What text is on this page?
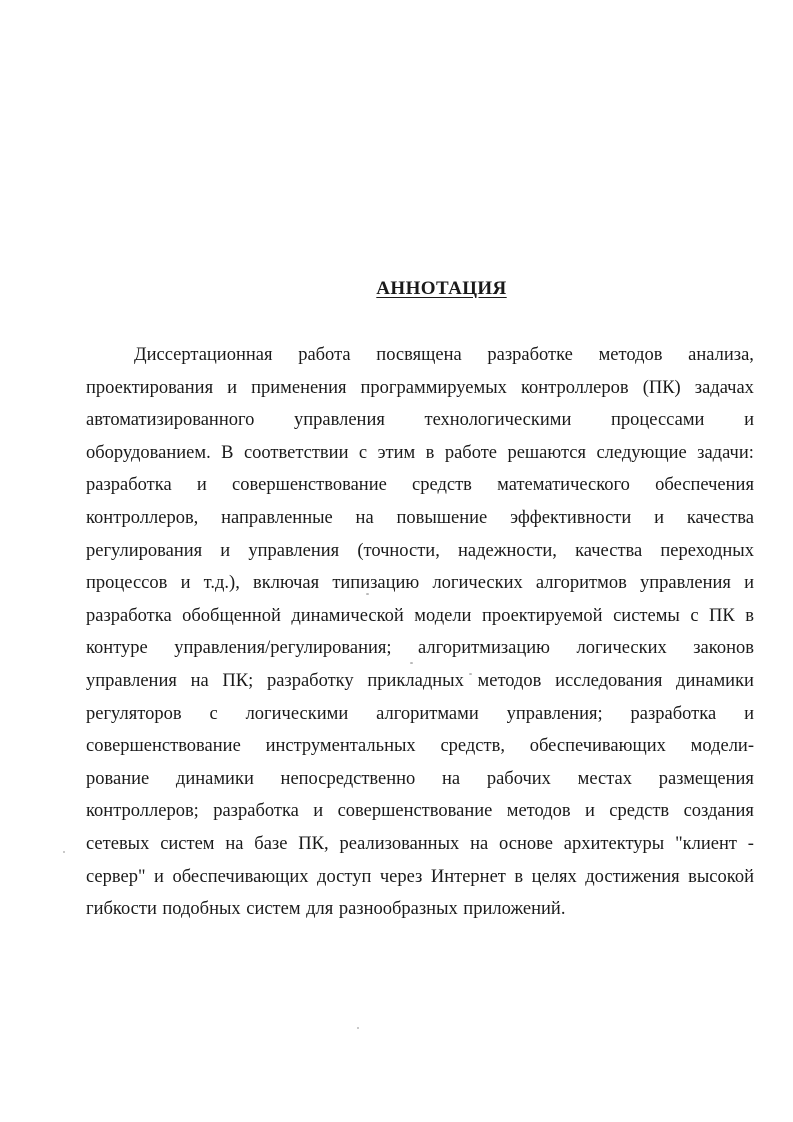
АННОТАЦИЯ
Диссертационная работа посвящена разработке методов анализа,
проектирования и применения программируемых контроллеров (ПК) задачах
автоматизированного управления технологическими процессами и
оборудованием. В соответствии с этим в работе решаются следующие задачи:
разработка и совершенствование средств математического обеспечения
контроллеров, направленные на повышение эффективности и качества
регулирования и управления (точности, надежности, качества переходных
процессов и т.д.), включая типизацию логических алгоритмов управления и
разработка обобщенной динамической модели проектируемой системы с ПК в
контуре управления/регулирования; алгоритмизацию логических законов
управления на ПК; разработку прикладных методов исследования динамики
регуляторов с логическими алгоритмами управления; разработка и
совершенствование инструментальных средств, обеспечивающих модели-
рование динамики непосредственно на рабочих местах размещения
контроллеров; разработка и совершенствование методов и средств создания
сетевых систем на базе ПК, реализованных на основе архитектуры "клиент -
сервер" и обеспечивающих доступ через Интернет в целях достижения высокой
гибкости подобных систем для разнообразных приложений.
